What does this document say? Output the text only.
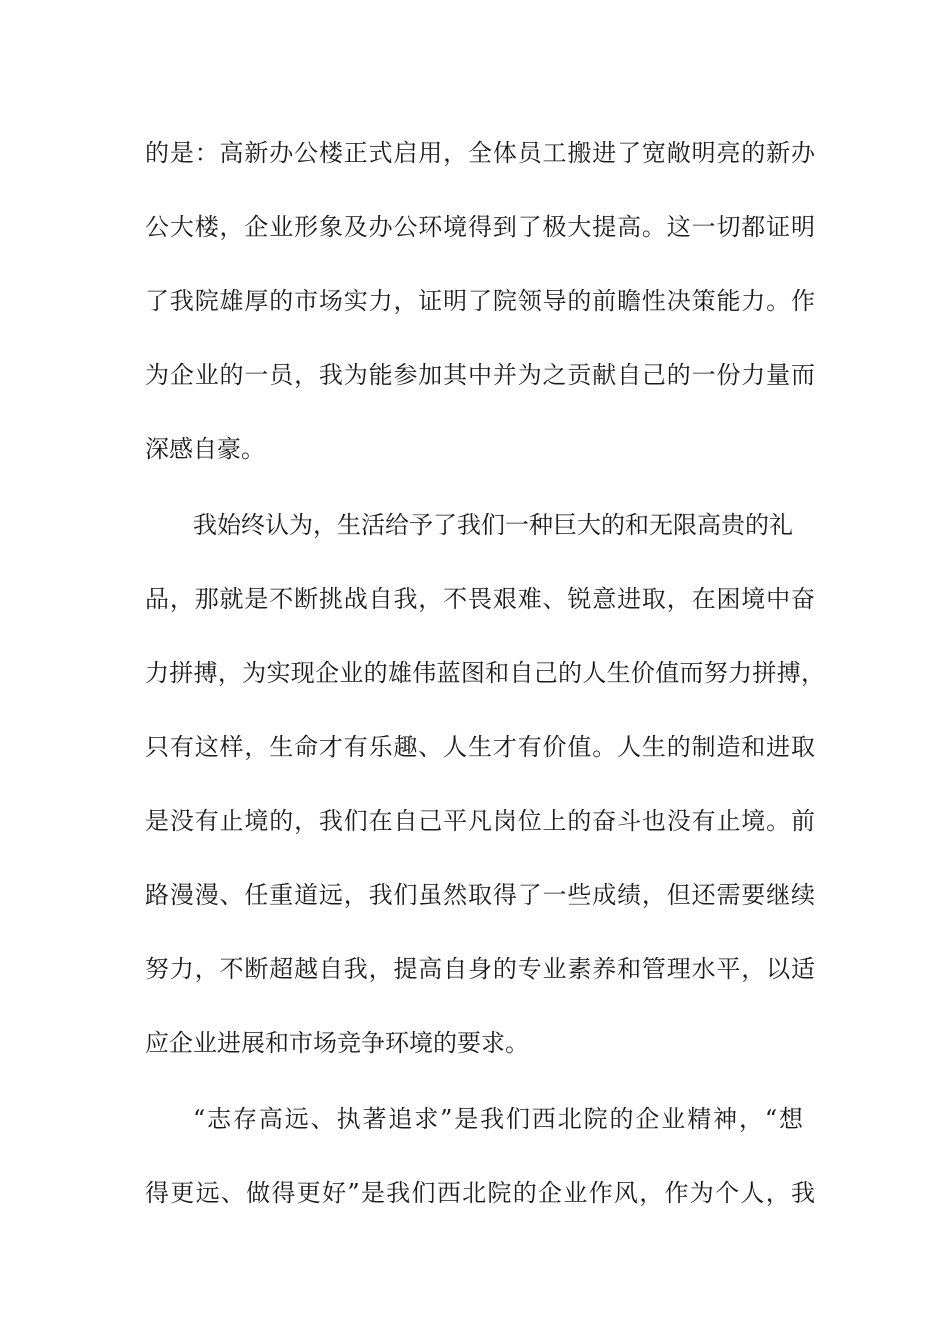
的是：高新办公楼正式启用，全体员工搬进了宽敞明亮的新办

公大楼，企业形象及办公环境得到了极大提高。这一切都证明

了我院雄厚的市场实力，证明了院领导的前瞻性决策能力。作

为企业的一员，我为能参加其中并为之贡献自己的一份力量而

深感自豪。

我始终认为，生活给予了我们一种巨大的和无限高贵的礼

品，那就是不断挑战自我，不畏艰难、锐意进取，在困境中奋

力拼搏，为实现企业的雄伟蓝图和自己的人生价值而努力拼搏，

只有这样，生命才有乐趣、人生才有价值。人生的制造和进取

是没有止境的，我们在自己平凡岗位上的奋斗也没有止境。前

路漫漫、任重道远，我们虽然取得了一些成绩，但还需要继续

努力，不断超越自我，提高自身的专业素养和管理水平，以适

应企业进展和市场竞争环境的要求。

“志存高远、执著追求”是我们西北院的企业精神，“想

得更远、做得更好”是我们西北院的企业作风，作为个人，我
